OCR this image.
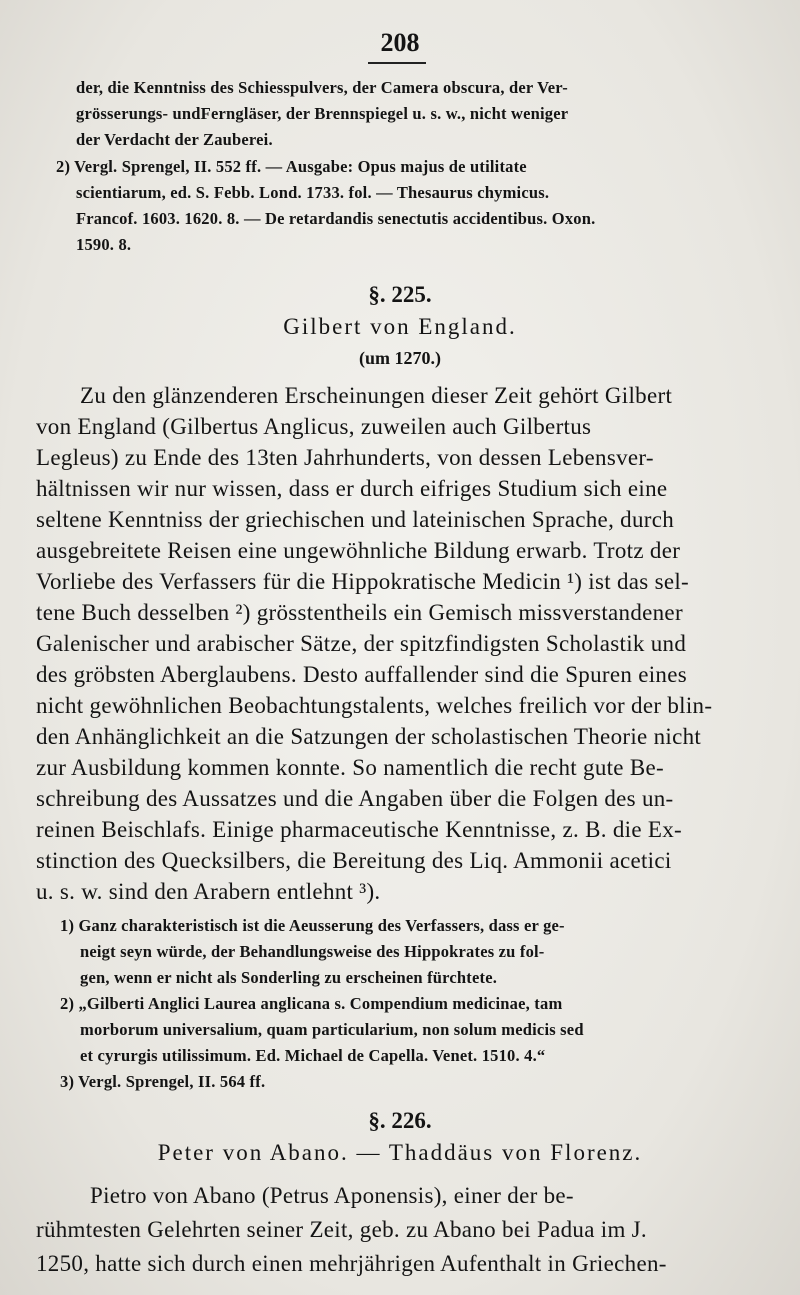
208
der, die Kenntniss des Schiesspulvers, der Camera obscura, der Ver-
grösserungs- undFerngläser, der Brennspiegel u. s. w., nicht weniger
der Verdacht der Zauberei.
2) Vergl. Sprengel, II. 552 ff. — Ausgabe: Opus majus de utilitate
scientiarum, ed. S. Febb. Lond. 1733. fol. — Thesaurus chymicus.
Francof. 1603. 1620. 8. — De retardandis senectutis accidentibus. Oxon.
1590. 8.
§. 225.
Gilbert von England.
(um 1270.)
Zu den glänzenderen Erscheinungen dieser Zeit gehört Gilbert
von England (Gilbertus Anglicus, zuweilen auch Gilbertus
Legleus) zu Ende des 13ten Jahrhunderts, von dessen Lebensver-
hältnissen wir nur wissen, dass er durch eifriges Studium sich eine
seltene Kenntniss der griechischen und lateinischen Sprache, durch
ausgebreitete Reisen eine ungewöhnliche Bildung erwarb. Trotz der
Vorliebe des Verfassers für die Hippokratische Medicin ¹) ist das sel-
tene Buch desselben ²) grösstentheils ein Gemisch missverstandener
Galenischer und arabischer Sätze, der spitzfindigsten Scholastik und
des gröbsten Aberglaubens. Desto auffallender sind die Spuren eines
nicht gewöhnlichen Beobachtungstalents, welches freilich vor der blin-
den Anhänglichkeit an die Satzungen der scholastischen Theorie nicht
zur Ausbildung kommen konnte. So namentlich die recht gute Be-
schreibung des Aussatzes und die Angaben über die Folgen des un-
reinen Beischlafs. Einige pharmaceutische Kenntnisse, z. B. die Ex-
stinction des Quecksilbers, die Bereitung des Liq. Ammonii acetici
u. s. w. sind den Arabern entlehnt ³).
1) Ganz charakteristisch ist die Aeusserung des Verfassers, dass er ge-
neigt seyn würde, der Behandlungsweise des Hippokrates zu fol-
gen, wenn er nicht als Sonderling zu erscheinen fürchtete.
2) „Gilberti Anglici Laurea anglicana s. Compendium medicinae, tam
morborum universalium, quam particularium, non solum medicis sed
et cyrurgis utilissimum. Ed. Michael de Capella. Venet. 1510. 4.“
3) Vergl. Sprengel, II. 564 ff.
§. 226.
Peter von Abano. — Thaddäus von Florenz.
Pietro von Abano (Petrus Aponensis), einer der be-
rühmtesten Gelehrten seiner Zeit, geb. zu Abano bei Padua im J.
1250, hatte sich durch einen mehrjährigen Aufenthalt in Griechen-
